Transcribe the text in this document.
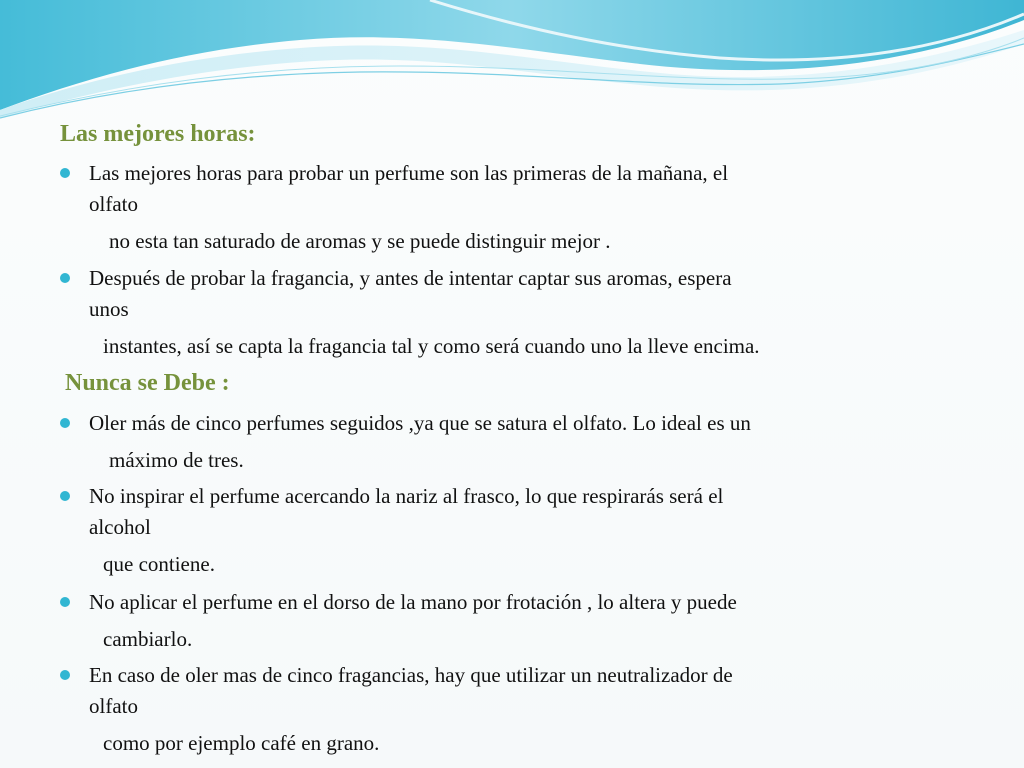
Las mejores horas:
Las mejores horas para probar un perfume son las primeras de la mañana, el
olfato
no esta tan saturado de aromas y se puede distinguir mejor .
Después de probar la fragancia, y antes de intentar captar sus aromas, espera
unos
instantes, así se capta la fragancia tal y como será cuando uno la lleve encima.
Nunca se Debe :
Oler más de cinco perfumes seguidos ,ya que se satura el olfato. Lo ideal es un
máximo de tres.
No inspirar el perfume acercando la nariz al frasco, lo que respirarás será el
alcohol
que contiene.
No aplicar el perfume en el dorso de la mano por frotación , lo altera y puede
cambiarlo.
En caso de oler mas de cinco fragancias, hay que utilizar un neutralizador de
olfato
como por ejemplo café en grano.
